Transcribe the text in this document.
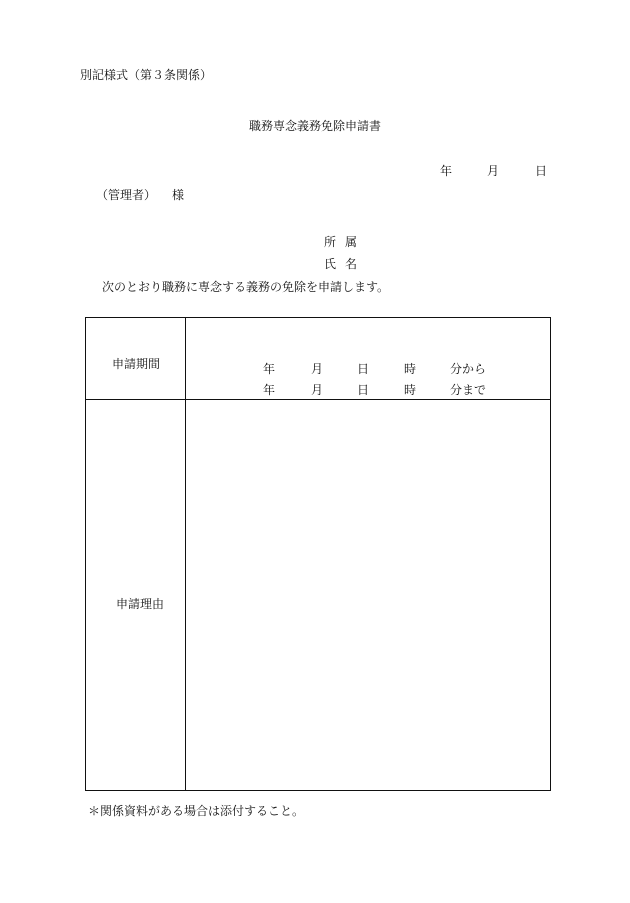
別記様式（第３条関係）
職務専念義務免除申請書
年	月	日
（管理者） 様
所属
氏名
次のとおり職務に専念する義務の免除を申請します。
申請期間	年	月	日	時	分から
年	月	日	時	分まで
申請理由
＊関係資料がある場合は添付すること。
